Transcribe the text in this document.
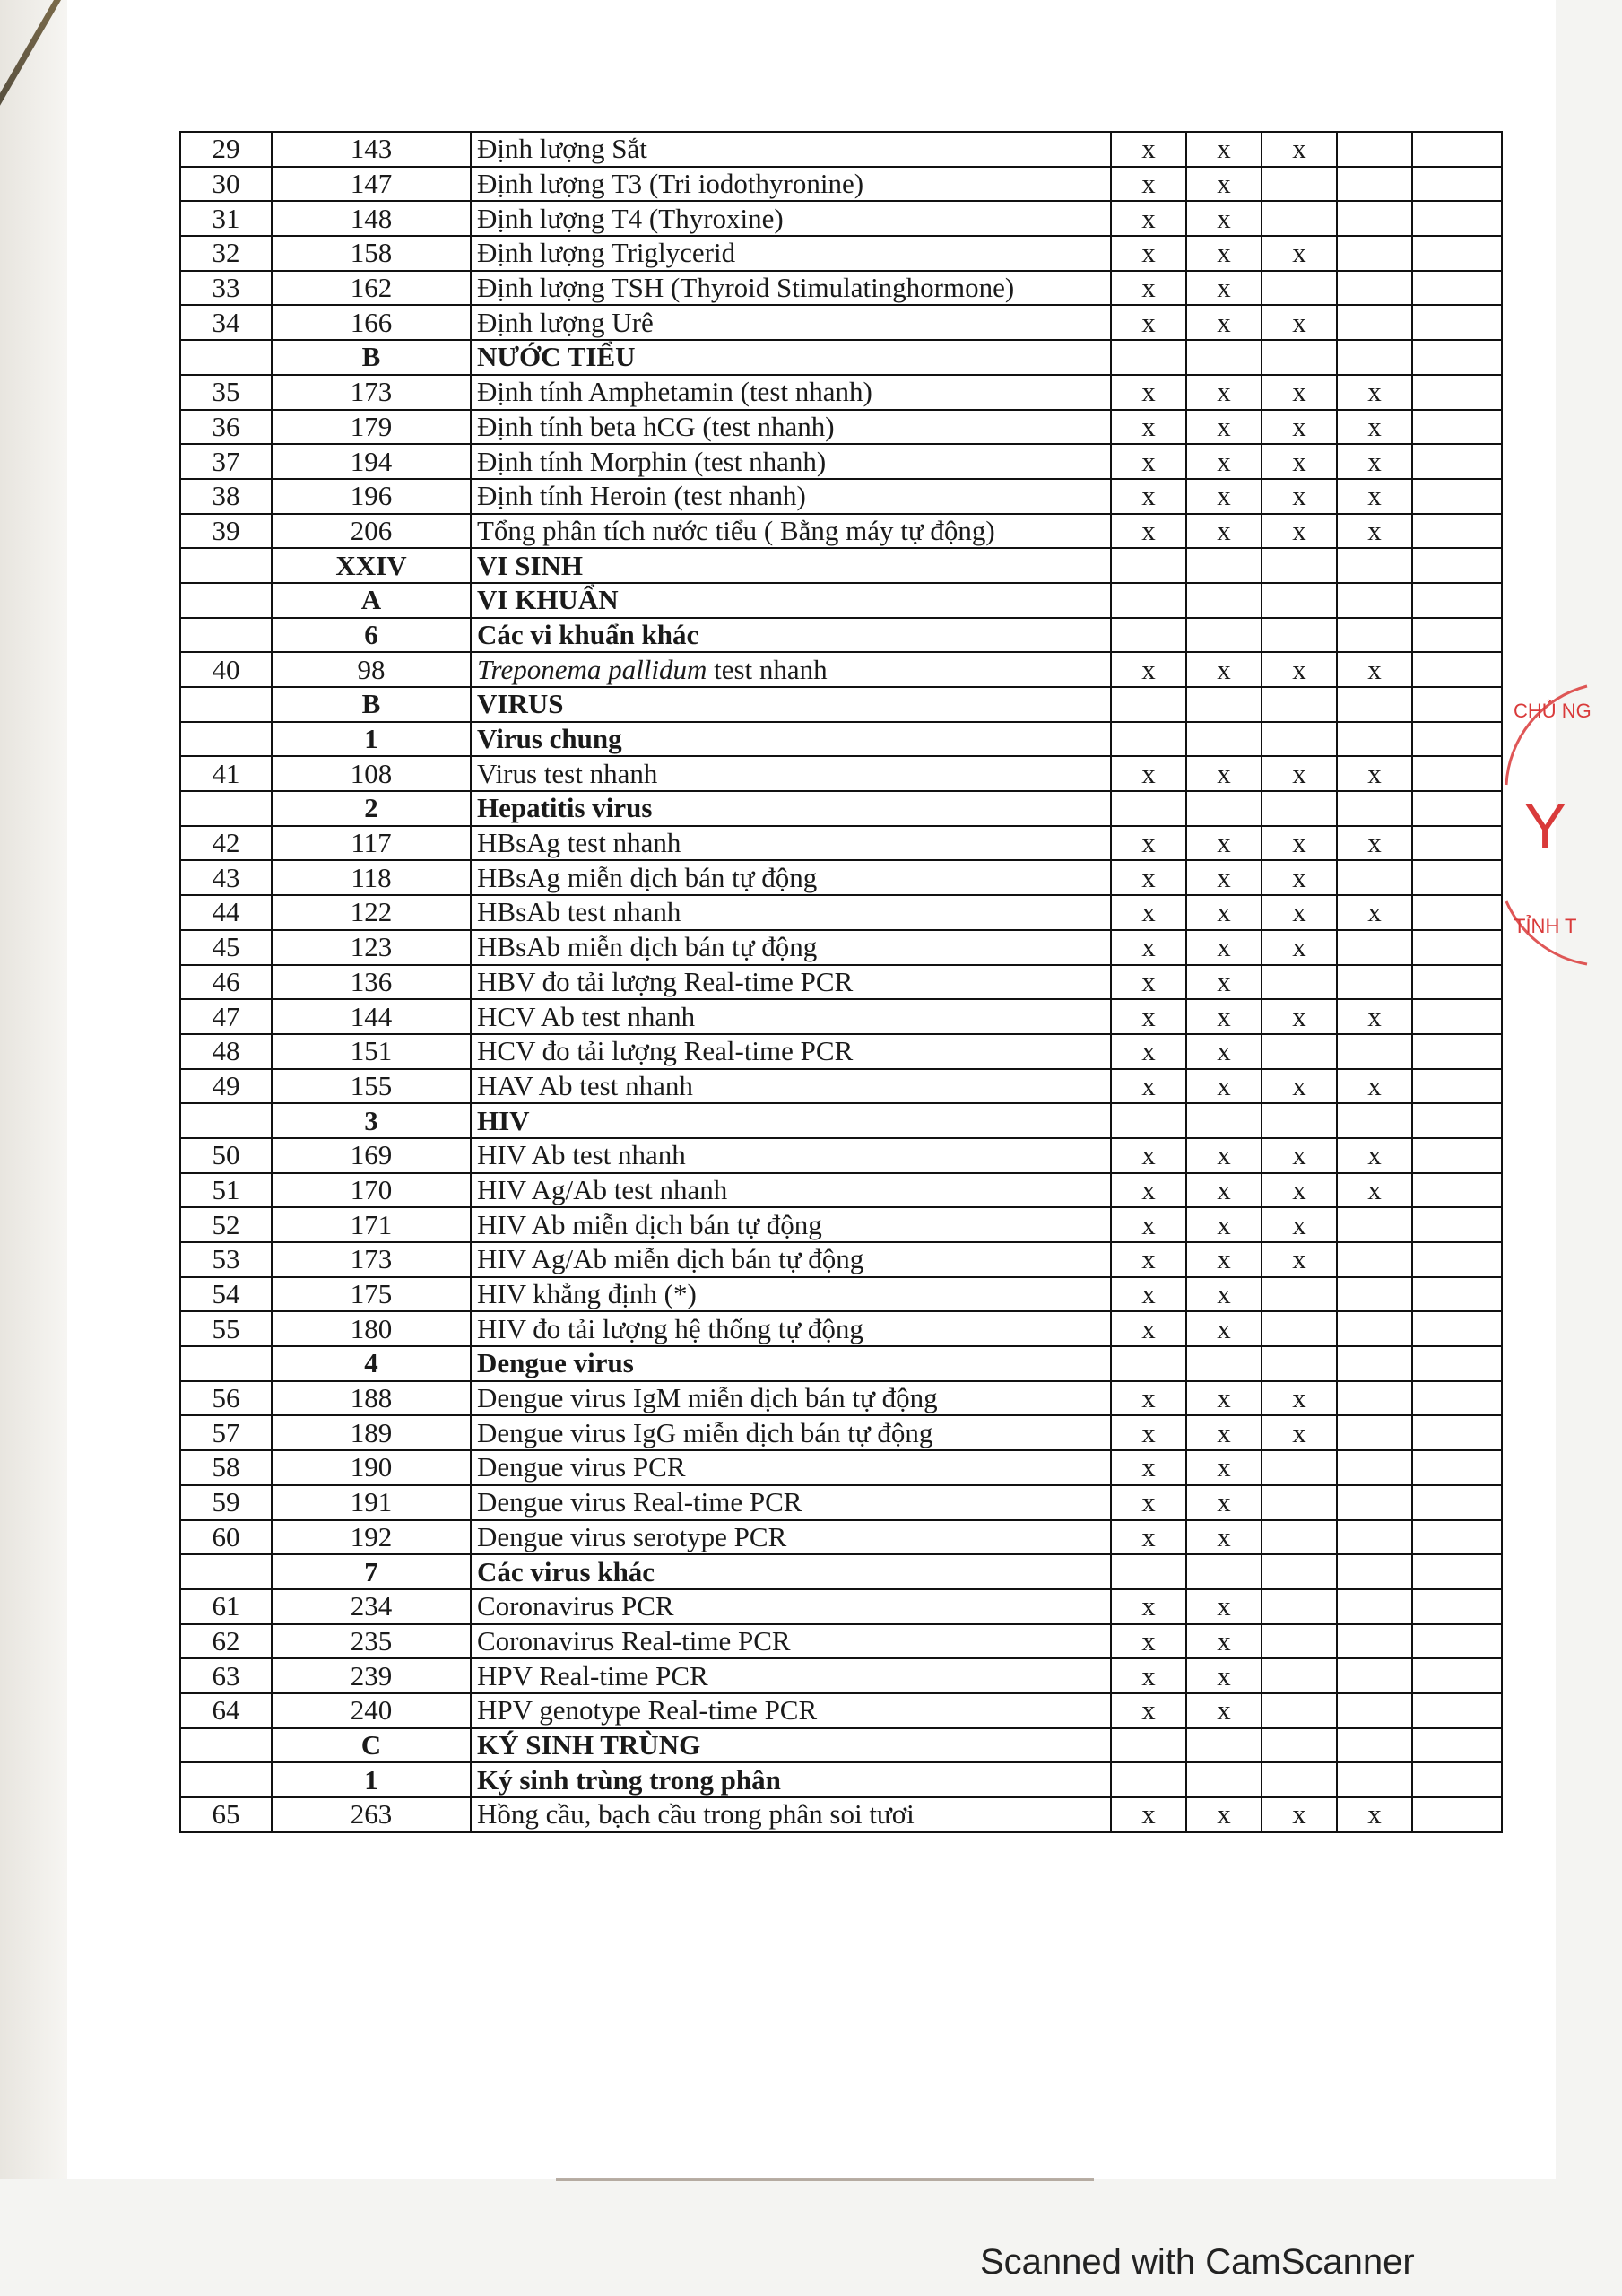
29	143	Định lượng Sắt	x	x	x		
30	147	Định lượng T3 (Tri iodothyronine)	x	x			
31	148	Định lượng T4 (Thyroxine)	x	x			
32	158	Định lượng Triglycerid	x	x	x		
33	162	Định lượng TSH (Thyroid Stimulatinghormone)	x	x			
34	166	Định lượng Urê	x	x	x		
	B	NƯỚC TIỂU					
35	173	Định tính Amphetamin (test nhanh)	x	x	x	x	
36	179	Định tính beta hCG (test nhanh)	x	x	x	x	
37	194	Định tính Morphin (test nhanh)	x	x	x	x	
38	196	Định tính Heroin (test nhanh)	x	x	x	x	
39	206	Tổng phân tích nước tiểu ( Bằng máy tự động)	x	x	x	x	
	XXIV	VI SINH					
	A	VI KHUẨN					
	6	Các vi khuẩn khác					
40	98	Treponema pallidum test nhanh	x	x	x	x	
	B	VIRUS					
	1	Virus chung					
41	108	Virus test nhanh	x	x	x	x	
	2	Hepatitis virus					
42	117	HBsAg test nhanh	x	x	x	x	
43	118	HBsAg miễn dịch bán tự động	x	x	x		
44	122	HBsAb test nhanh	x	x	x	x	
45	123	HBsAb miễn dịch bán tự động	x	x	x		
46	136	HBV đo tải lượng Real-time PCR	x	x			
47	144	HCV Ab test nhanh	x	x	x	x	
48	151	HCV đo tải lượng Real-time PCR	x	x			
49	155	HAV Ab test nhanh	x	x	x	x	
	3	HIV					
50	169	HIV Ab test nhanh	x	x	x	x	
51	170	HIV Ag/Ab test nhanh	x	x	x	x	
52	171	HIV Ab miễn dịch bán tự động	x	x	x		
53	173	HIV Ag/Ab miễn dịch bán tự động	x	x	x		
54	175	HIV khẳng định (*)	x	x			
55	180	HIV đo tải lượng hệ thống tự động	x	x			
	4	Dengue virus					
56	188	Dengue virus IgM miễn dịch bán tự động	x	x	x		
57	189	Dengue virus IgG miễn dịch bán tự động	x	x	x		
58	190	Dengue virus PCR	x	x			
59	191	Dengue virus Real-time PCR	x	x			
60	192	Dengue virus serotype PCR	x	x			
	7	Các virus khác					
61	234	Coronavirus PCR	x	x			
62	235	Coronavirus Real-time PCR	x	x			
63	239	HPV Real-time PCR	x	x			
64	240	HPV genotype Real-time PCR	x	x			
	C	KÝ SINH TRÙNG					
	1	Ký sinh trùng trong phân					
65	263	Hồng cầu, bạch cầu trong phân soi tươi	x	x	x	x	
CHỦ NG
Y
TỈNH T
Scanned with CamScanner
